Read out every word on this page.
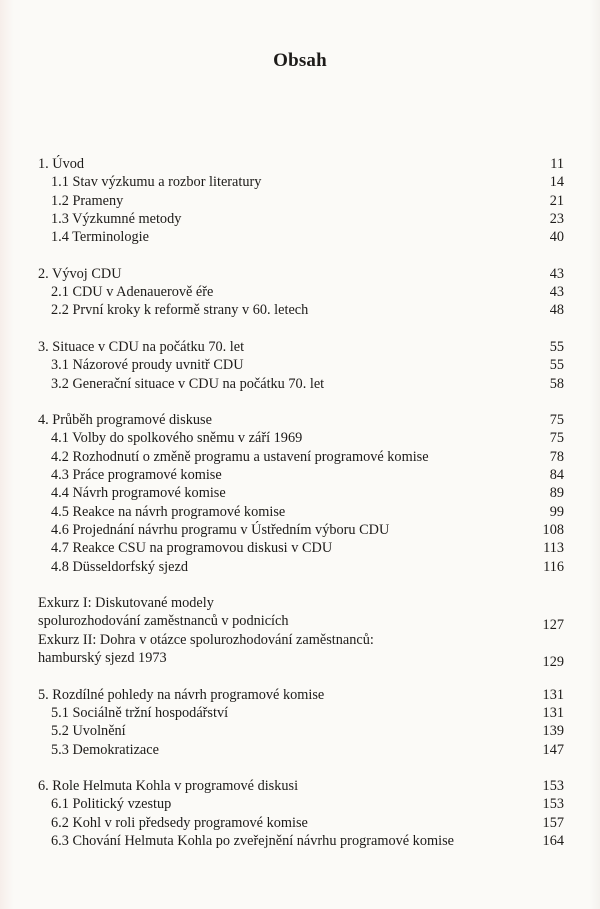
Obsah
1. Úvod	11
1.1 Stav výzkumu a rozbor literatury	14
1.2 Prameny	21
1.3 Výzkumné metody	23
1.4 Terminologie	40
2. Vývoj CDU	43
2.1 CDU v Adenauerově éře	43
2.2 První kroky k reformě strany v 60. letech	48
3. Situace v CDU na počátku 70. let	55
3.1 Názorové proudy uvnitř CDU	55
3.2 Generační situace v CDU na počátku 70. let	58
4. Průběh programové diskuse	75
4.1 Volby do spolkového sněmu v září 1969	75
4.2 Rozhodnutí o změně programu a ustavení programové komise	78
4.3 Práce programové komise	84
4.4 Návrh programové komise	89
4.5 Reakce na návrh programové komise	99
4.6 Projednání návrhu programu v Ústředním výboru CDU	108
4.7 Reakce CSU na programovou diskusi v CDU	113
4.8 Düsseldorfský sjezd	116
Exkurz I: Diskutované modely
spolurozhodování zaměstnanců v podnicích	127
Exkurz II: Dohra v otázce spolurozhodování zaměstnanců:
hamburský sjezd 1973	129
5. Rozdílné pohledy na návrh programové komise	131
5.1 Sociálně tržní hospodářství	131
5.2 Uvolnění	139
5.3 Demokratizace	147
6. Role Helmuta Kohla v programové diskusi	153
6.1 Politický vzestup	153
6.2 Kohl v roli předsedy programové komise	157
6.3 Chování Helmuta Kohla po zveřejnění návrhu programové komise	164
